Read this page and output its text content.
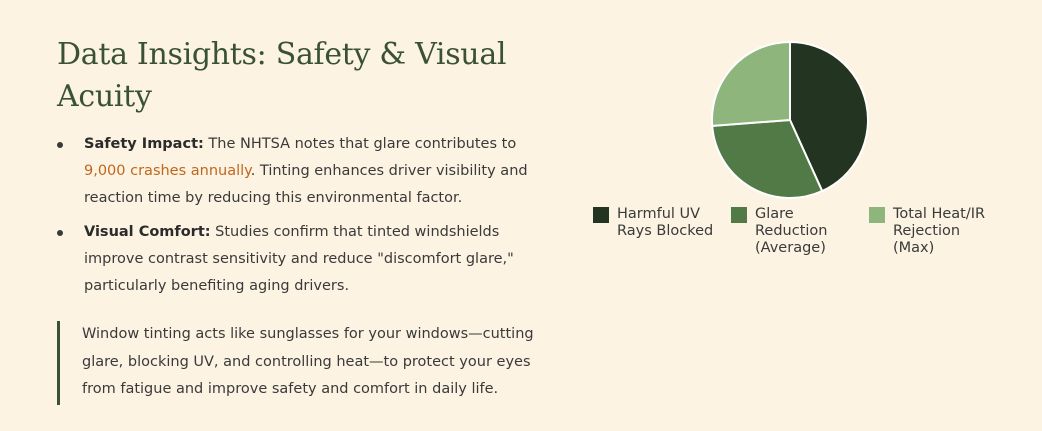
Data Insights: Safety & Visual Acuity
Safety Impact: The NHTSA notes that glare contributes to 9,000 crashes annually. Tinting enhances driver visibility and reaction time by reducing this environmental factor.
Visual Comfort: Studies confirm that tinted windshields improve contrast sensitivity and reduce "discomfort glare," particularly benefiting aging drivers.
Window tinting acts like sunglasses for your windows—cutting glare, blocking UV, and controlling heat—to protect your eyes from fatigue and improve safety and comfort in daily life.
Harmful UV
Rays Blocked
Glare
Reduction
(Average)
Total Heat/IR
Rejection
(Max)
